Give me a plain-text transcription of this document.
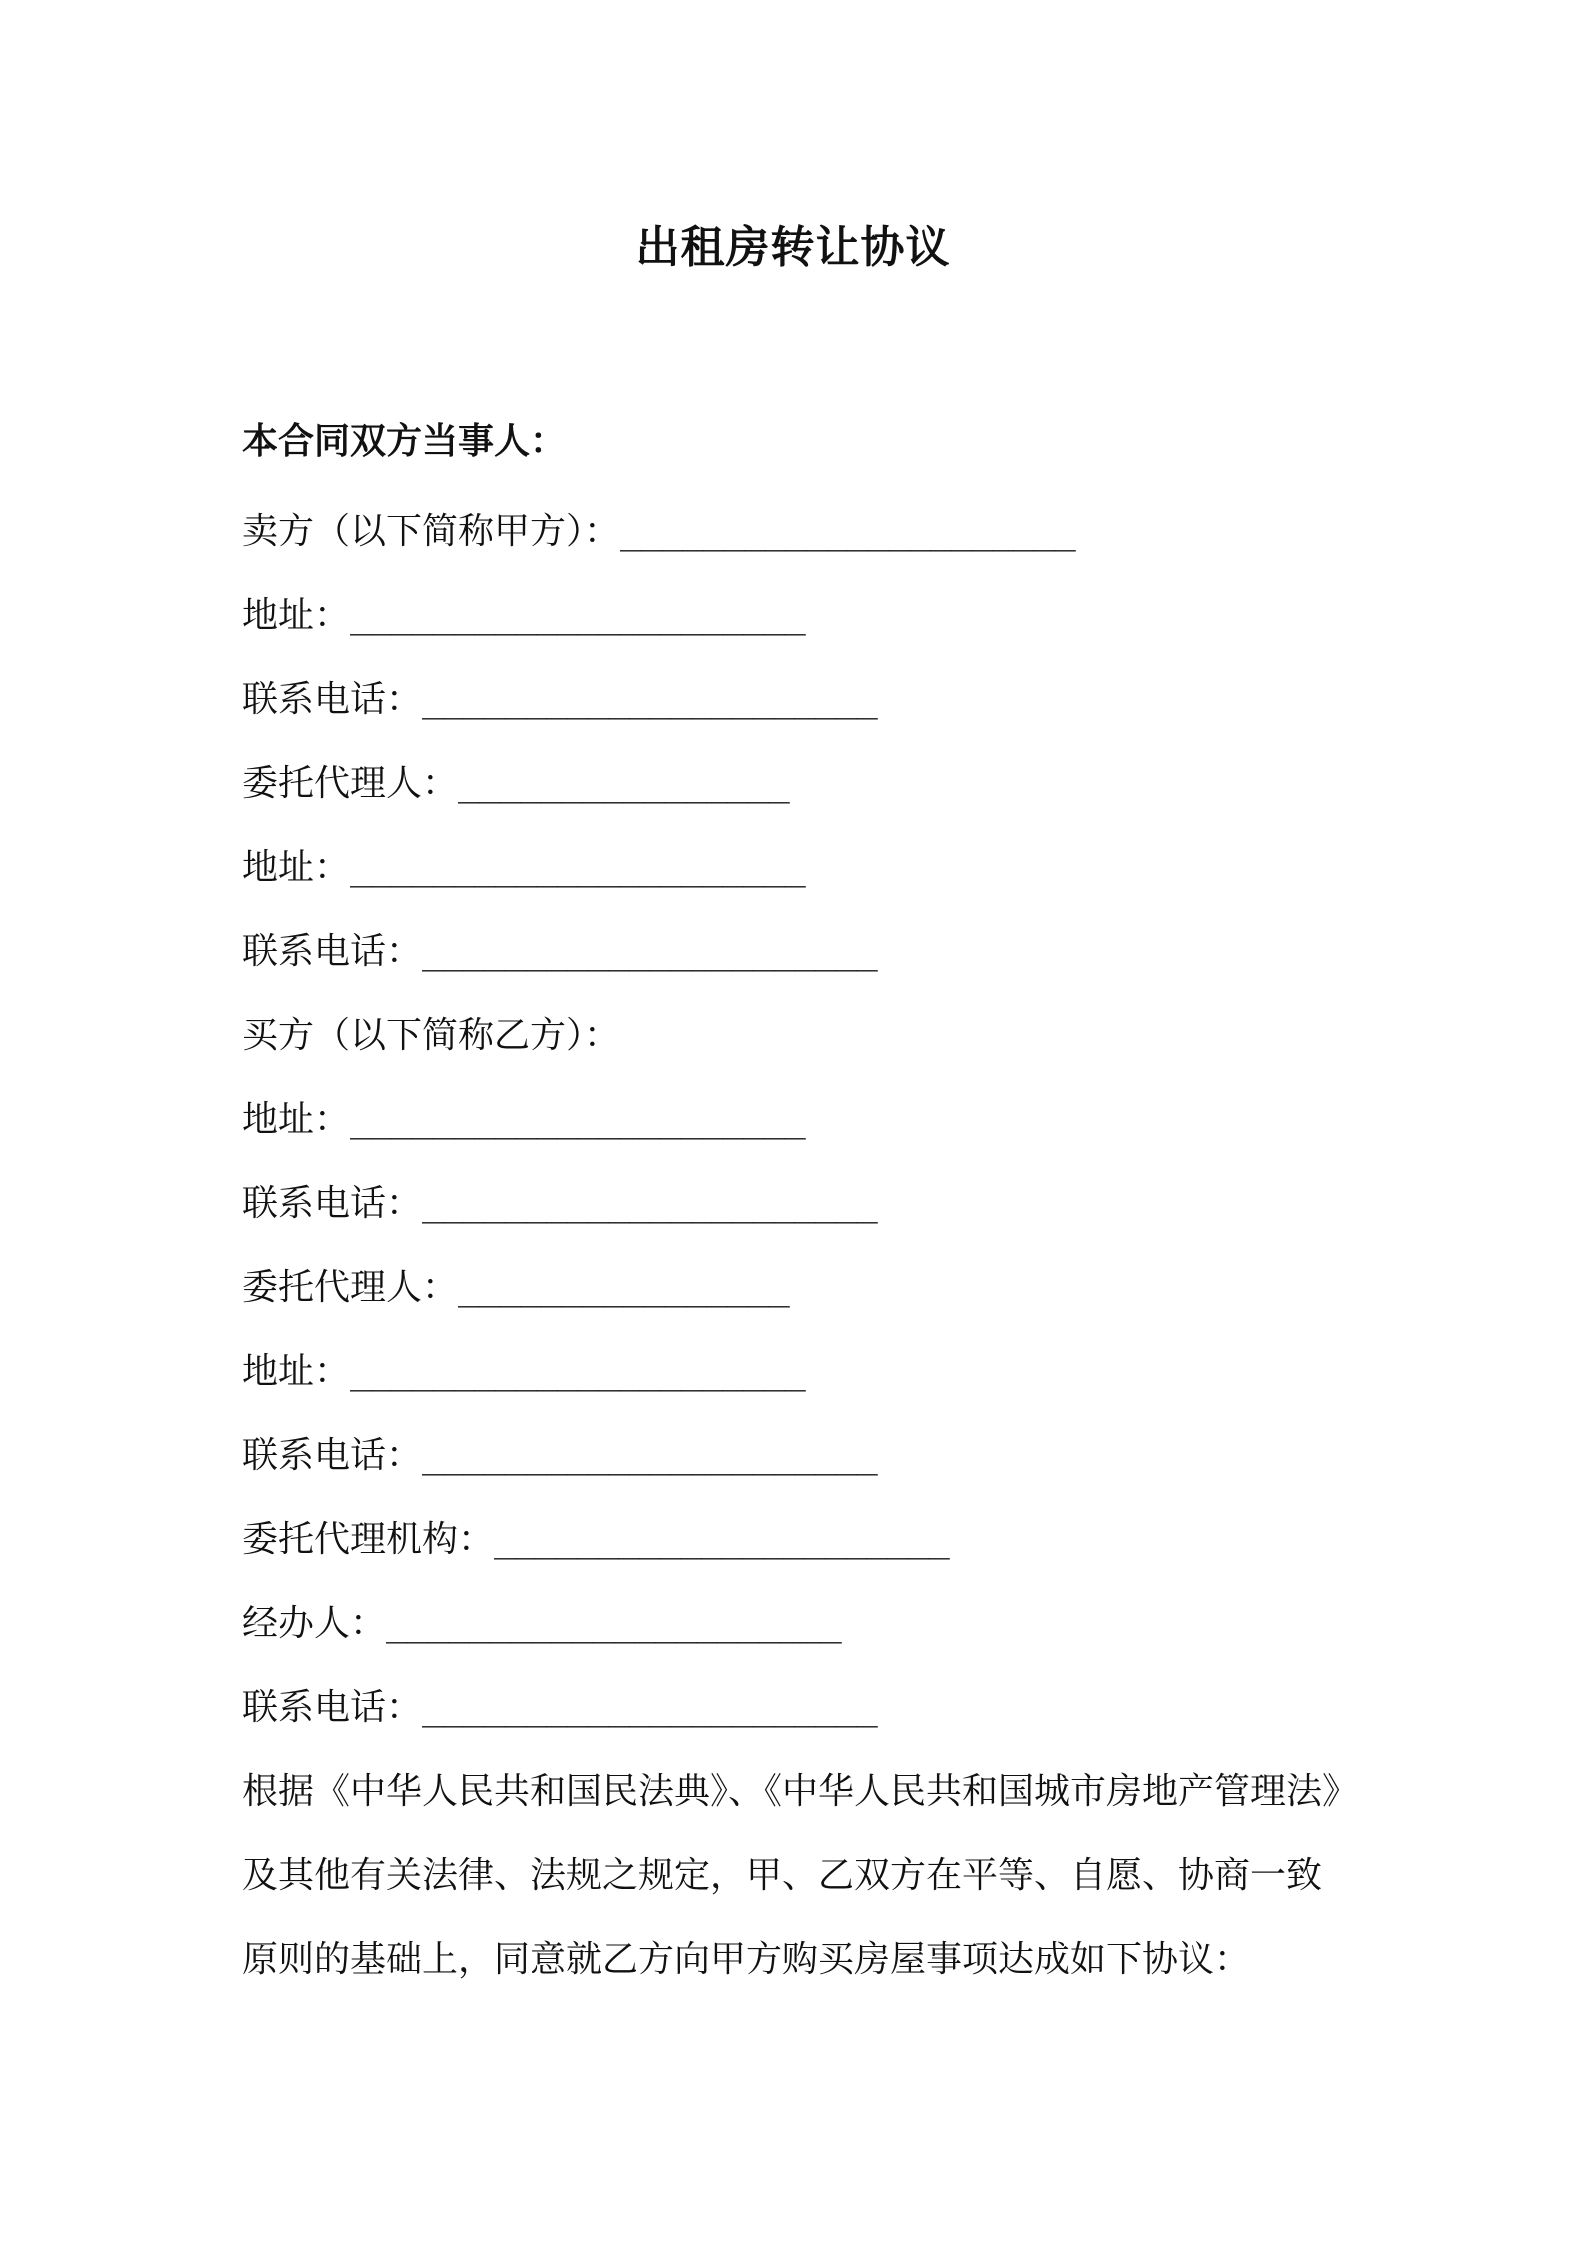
出租房转让协议
本合同双方当事人：
卖方（以下简称甲方）：______________________
地址：______________________
联系电话：______________________
委托代理人：________________
地址：______________________
联系电话：______________________
买方（以下简称乙方）：
地址：______________________
联系电话：______________________
委托代理人：________________
地址：______________________
联系电话：______________________
委托代理机构：______________________
经办人：______________________
联系电话：______________________
根据《中华人民共和国民法典》、《中华人民共和国城市房地产管理法》
及其他有关法律、法规之规定，甲、乙双方在平等、自愿、协商一致
原则的基础上，同意就乙方向甲方购买房屋事项达成如下协议：
